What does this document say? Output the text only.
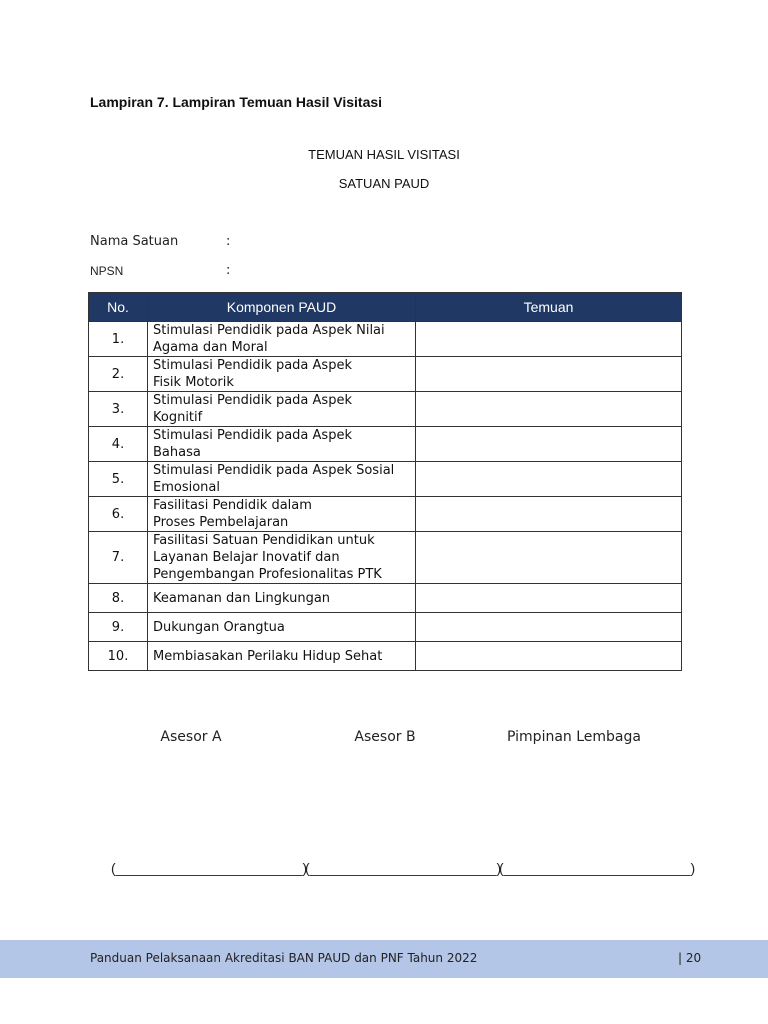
Lampiran 7. Lampiran Temuan Hasil Visitasi
TEMUAN HASIL VISITASI
SATUAN PAUD
Nama Satuan	:
NPSN	:
No.	Komponen PAUD	Temuan
1.	Stimulasi Pendidik pada Aspek Nilai
Agama dan Moral	

2.	Stimulasi Pendidik pada Aspek
Fisik Motorik	

3.	Stimulasi Pendidik pada Aspek
Kognitif	

4.	Stimulasi Pendidik pada Aspek
Bahasa	

5.	Stimulasi Pendidik pada Aspek Sosial
Emosional	

6.	Fasilitasi Pendidik dalam
Proses Pembelajaran	

7.	Fasilitasi Satuan Pendidikan untuk
Layanan Belajar Inovatif dan
Pengembangan Profesionalitas PTK	

8.	Keamanan dan Lingkungan	

9.	Dukungan Orangtua	

10.	Membiasakan Perilaku Hidup Sehat	

Asesor A	Asesor B	Pimpinan Lembaga
(________________________)
(________________________)
(________________________)
Panduan Pelaksanaan Akreditasi BAN PAUD dan PNF Tahun 2022	| 20
